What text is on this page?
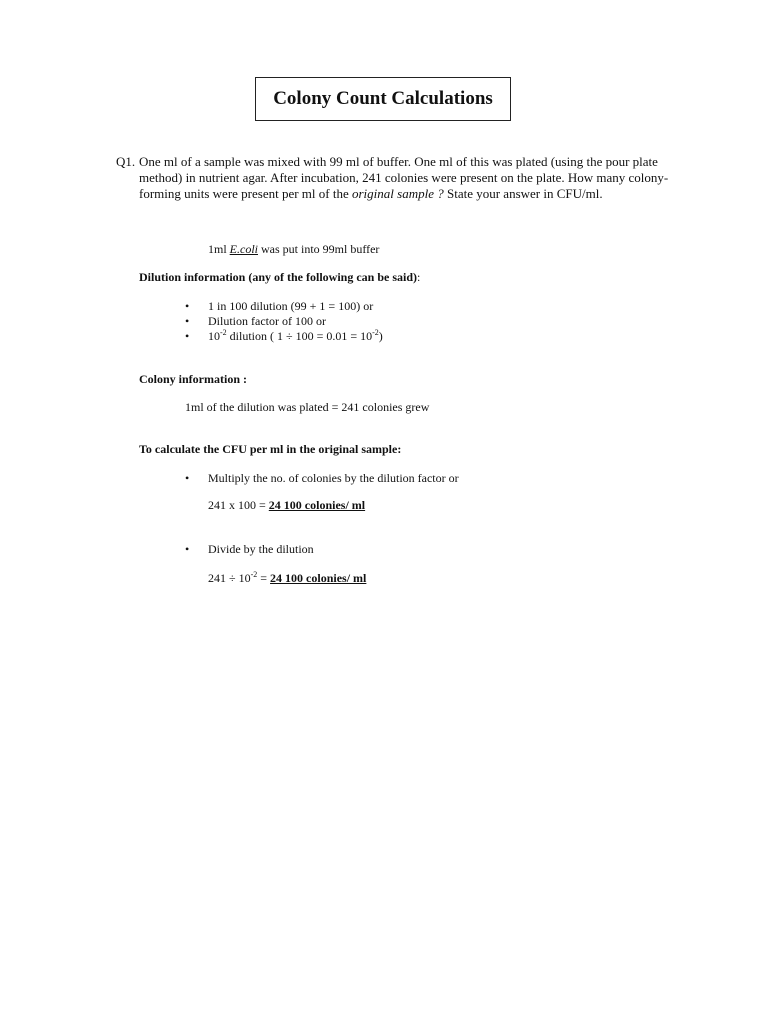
Colony Count Calculations
Q1. One ml of a sample was mixed with 99 ml of buffer. One ml of this was plated (using the pour plate method) in nutrient agar. After incubation, 241 colonies were present on the plate. How many colony-forming units were present per ml of the original sample ? State your answer in CFU/ml.

1ml E.coli was put into 99ml buffer
Dilution information (any of the following can be said):
• 1 in 100 dilution (99 + 1 = 100) or
• Dilution factor of 100 or
• $10^{-2}$ dilution ( $1 \div 100 = 0.01 = 10^{-2}$)
Colony information :
1ml of the dilution was plated = 241 colonies grew
To calculate the CFU per ml in the original sample:
• Multiply the no. of colonies by the dilution factor or
241 x 100 = 24 100 colonies/ ml
• Divide by the dilution
$241 \div 10^{-2} = 24$ 100 colonies/ ml
